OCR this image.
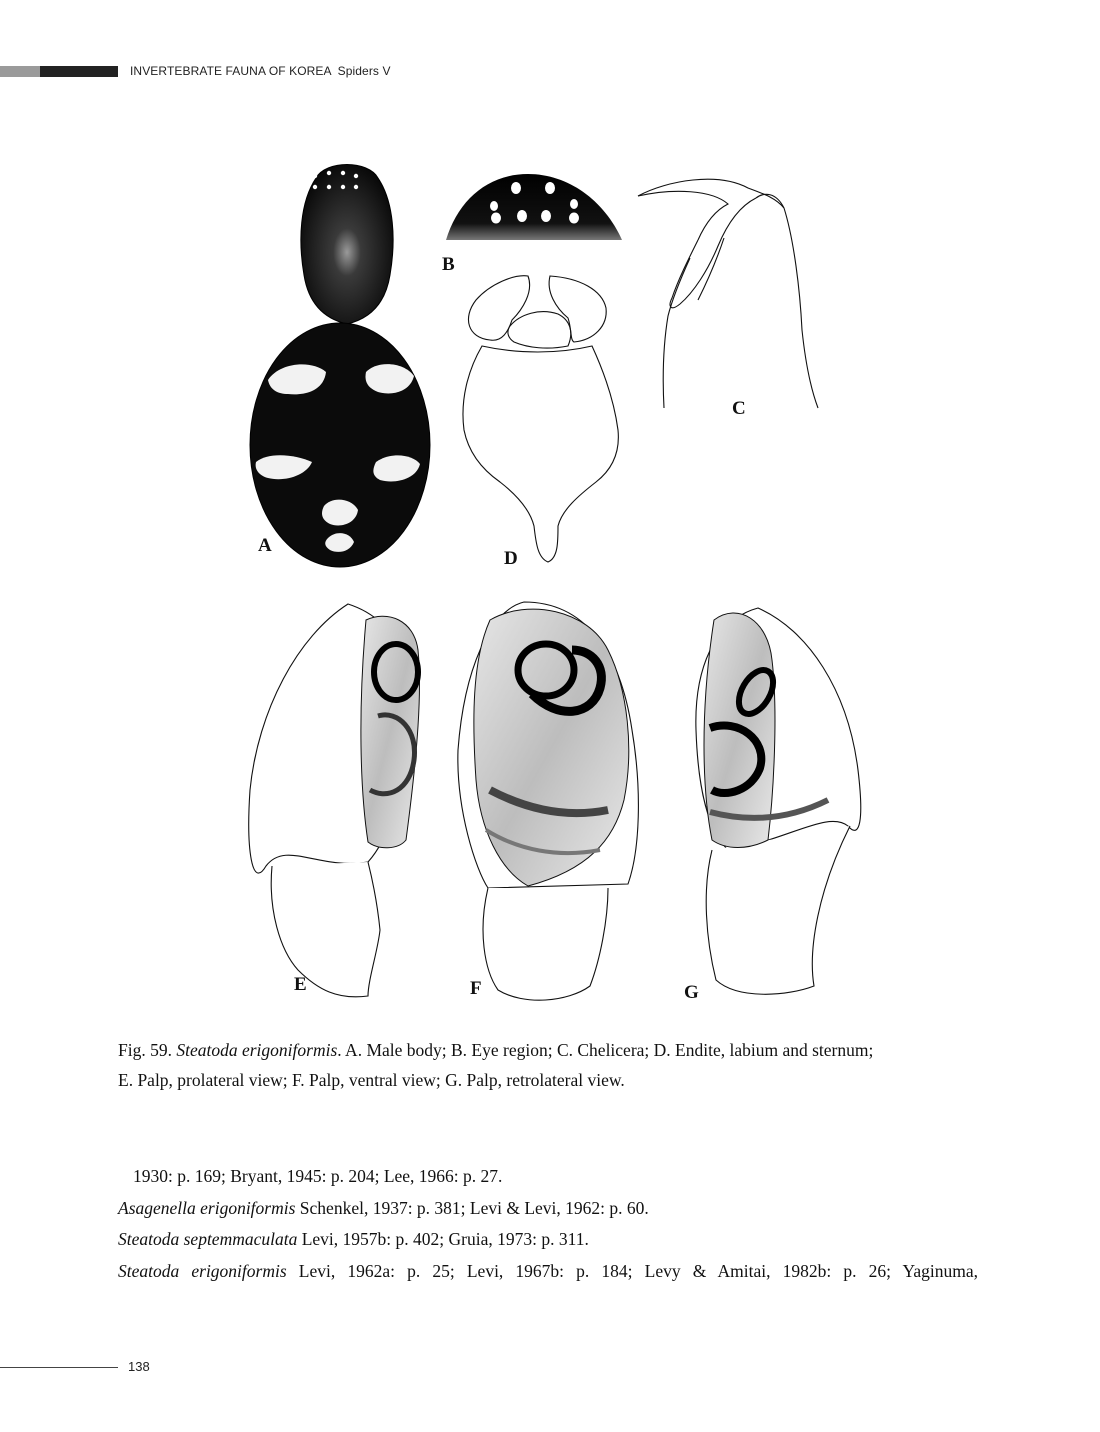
INVERTEBRATE FAUNA OF KOREA Spiders V
A
B
C
D
E	F	G
Fig. 59. Steatoda erigoniformis. A. Male body; B. Eye region; C. Chelicera; D. Endite, labium and sternum;
E. Palp, prolateral view; F. Palp, ventral view; G. Palp, retrolateral view.
1930: p. 169; Bryant, 1945: p. 204; Lee, 1966: p. 27.
Asagenella erigoniformis Schenkel, 1937: p. 381; Levi & Levi, 1962: p. 60.
Steatoda septemmaculata Levi, 1957b: p. 402; Gruia, 1973: p. 311.
Steatoda erigoniformis Levi, 1962a: p. 25; Levi, 1967b: p. 184; Levy & Amitai, 1982b: p. 26; Yaginuma,
138
